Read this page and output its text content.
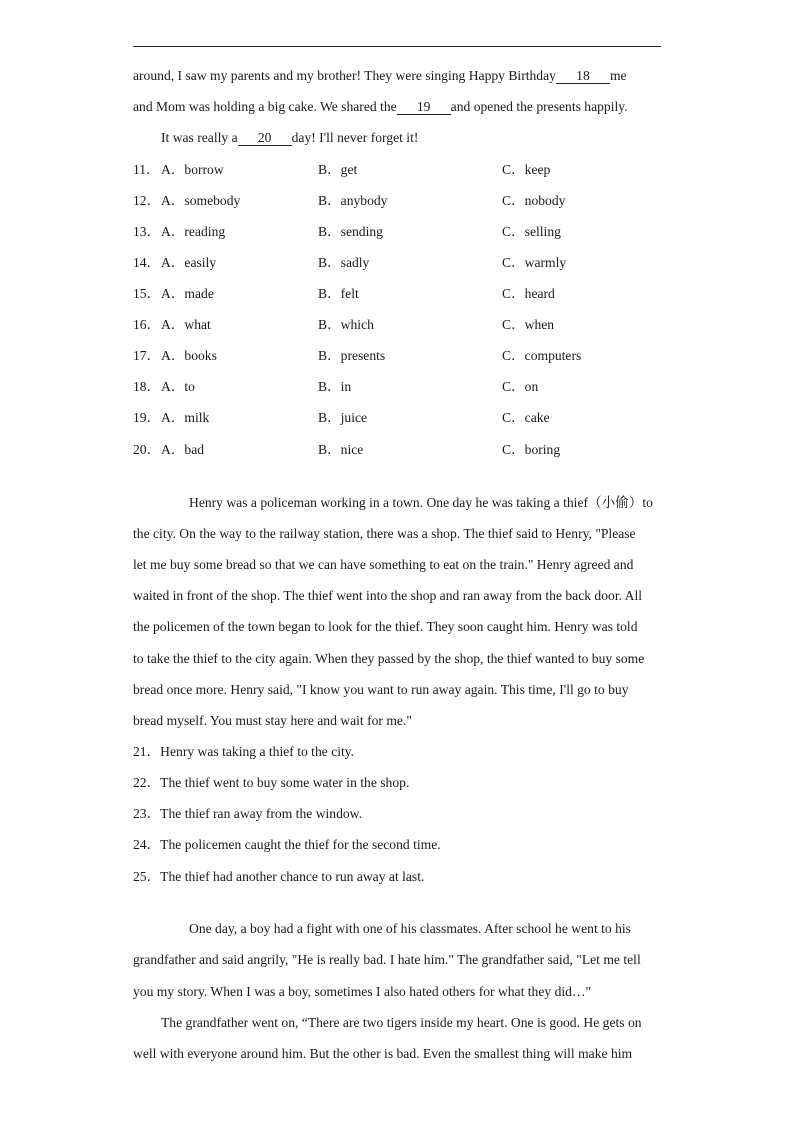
around, I saw my parents and my brother! They were singing Happy Birthday 18 me
and Mom was holding a big cake. We shared the 19 and opened the presents happily.
It was really a 20 day! I'll never forget it!
11． A．borrow	B．get	C．keep
12． A．somebody	B．anybody	C．nobody
13． A．reading	B．sending	C．selling
14． A．easily	B．sadly	C．warmly
15． A．made	B．felt	C．heard
16． A．what	B．which	C．when
17． A．books	B．presents	C．computers
18． A．to	B．in	C．on
19． A．milk	B．juice	C．cake
20． A．bad	B．nice	C．boring
Henry was a policeman working in a town. One day he was taking a thief（小偷）to
the city. On the way to the railway station, there was a shop. The thief said to Henry, "Please
let me buy some bread so that we can have something to eat on the train." Henry agreed and
waited in front of the shop. The thief went into the shop and ran away from the back door. All
the policemen of the town began to look for the thief. They soon caught him. Henry was told
to take the thief to the city again. When they passed by the shop, the thief wanted to buy some
bread once more. Henry said, "I know you want to run away again. This time, I'll go to buy
bread myself. You must stay here and wait for me."
21．Henry was taking a thief to the city.
22．The thief went to buy some water in the shop.
23．The thief ran away from the window.
24．The policemen caught the thief for the second time.
25．The thief had another chance to run away at last.
One day, a boy had a fight with one of his classmates. After school he went to his
grandfather and said angrily, "He is really bad. I hate him." The grandfather said, "Let me tell
you my story. When I was a boy, sometimes I also hated others for what they did…"
The grandfather went on, “There are two tigers inside my heart. One is good. He gets on
well with everyone around him. But the other is bad. Even the smallest thing will make him
